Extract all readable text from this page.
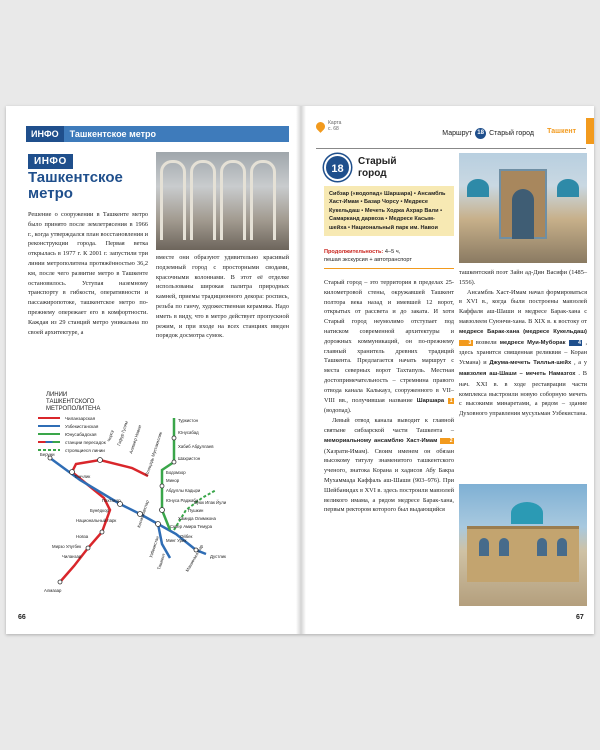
ИНФО	Ташкентское метро
ИНФО
Ташкентское метро
Решение о сооружении в Ташкенте метро было принято после землетрясения в 1966 г., когда утверждался план восстановления и реконструкции города. Первая ветка открылась в 1977 г. К 2001 г. запустили три линии метрополитена протяжённостью 36,2 км, после чего развитие метро в Ташкенте остановилось. Уступая наземному транспорту в гибкости, оперативности и пассажиропотоке, ташкентское метро по-прежнему опережает его в комфортности. Каждая из 29 станций метро уникальна по своей архитектуре, а
вместе они образуют удивительно красивый подземный город с просторными сводами, красочными колоннами. В этот её отделке использованы широкая палитра природных камней, приемы традиционного декора: роспись, резьба по ганчу, художественная керамика. Надо иметь в виду, что в метро действует пропускной режим, и при входе на всех станциях введен порядок досмотра сумок.
Беруни
Тинчлик
Пахтакор
Национальный парк
Бунёдкор
Мирзо Улугбек
Чиланзар
Алмазар
Новза
Сквер Амира Темура
Хамида Олимжона
Пушкин
Буюк Ипак Йули
Минг Урик
Ойбек
Дустлик
Туркистон
Юнусабад
Хабиб Абдуллаев
Шахристон
Бодомзор
Минор
Абдуллы Кадыри
Юнуса Раджаби
Чорсу Гафур Гулям Алишер Навои Площадь Мустакиллик
Космонавтлар
Ташкент	Машинасозлар
Узбекистан
ЛИНИИ ТАШКЕНТСКОГО МЕТРОПОЛИТЕНА
Чиланзарская
Узбекистанская
Юнусабадская
станции пересадок
строящиеся линии
66
Карта
с. 68
Маршрут 18 Старый город Ташкент
18
Старый
город
Сибзар («водопад» Шаршара) • Ансамбль Хаст-Имам • Базар Чорсу • Медресе Кукельдаш • Мечеть Ходжа Ахрар Вали • Самарканд дарвоза • Медресе Касым-шейха • Национальный парк им. Навои
Продолжительность: 4–5 ч,
пешая экскурсия + автотранспорт

Старый город – это территория в пределах 25-километровой стены, окружавшей Ташкент полтора века назад и имевшей 12 ворот, открытых от рассвета и до заката. И хотя Старый город неумолимо отступает под натиском современной архитектуры и дорожных коммуникаций, он по-прежнему главный хранитель древних традиций Ташкента. Предлагается начать маршрут с места северных ворот Тахтапуль. Местная достопримечательность – стремнина правого отвода канала Калькауз, сооруженного в VII–VIII вв., получившая название Шаршара 1 (водопад).

Левый отвод канала выводит к главной святыне сибзарской части Ташкента – мемориальному ансамблю Хаст-Имам 2 (Хазрати-Имам). Своим именем он обязан высокому титулу знаменитого ташкентского ученого, знатока Корана и хадисов Абу Бакра Мухаммада Каффаль аш-Шаши (903–976). При Шейбанидах в XVI в. здесь построили мавзолей великого имама, а рядом медресе Барак-хана, первым ректором которого был выдающийся

ташкентский поэт Зайн ад-Дин Васифи (1485–1556).

Ансамбль Хаст-Имам начал формироваться в XVI в., когда были построены мавзолей Каффаля аш-Шаши и медресе Барак-хана с мавзолеем Суюнчи-хана. В XIX в. к востоку от медресе Барак-хана (медресе Кукельдаш) 3 возвели медресе Муи-Муборак	4 , здесь хранится священная реликвия – Коран Усмана) и Джума-мечеть Тиллья-шейх , а у мавзолея аш-Шаши – мечеть Намазгох . В нач. XXI в. в ходе реставрации части комплекса выстроили новую соборную мечеть с высокими минаретами, а рядом – здание Духовного управления мусульман Узбекистана.

67
